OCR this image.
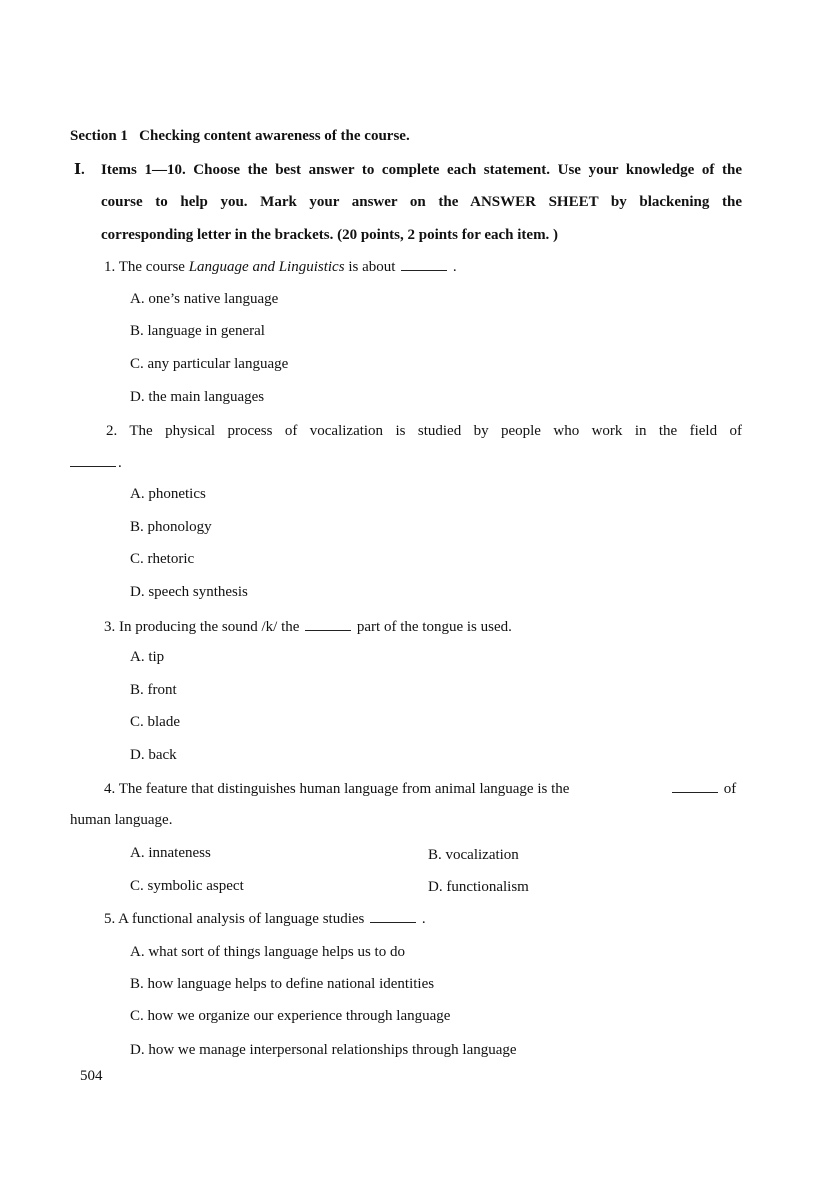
Section 1 Checking content awareness of the course.
Ⅰ. Items 1—10. Choose the best answer to complete each statement. Use your knowledge of the
course to help you. Mark your answer on the ANSWER SHEET by blackening the
corresponding letter in the brackets. (20 points, 2 points for each item. )
1. The course Language and Linguistics is about	.
A. one’s native language
B. language in general
C. any particular language
D. the main languages
2. The physical process of vocalization is studied by people who work in the field of
.
A. phonetics
B. phonology
C. rhetoric
D. speech synthesis
3. In producing the sound /k/ the	part of the tongue is used.
A. tip
B. front
C. blade
D. back
4. The feature that distinguishes human language from animal language is the	of
human language.
A. innateness	B. vocalization
C. symbolic aspect	D. functionalism
5. A functional analysis of language studies	.
A. what sort of things language helps us to do
B. how language helps to define national identities
C. how we organize our experience through language
D. how we manage interpersonal relationships through language
504
